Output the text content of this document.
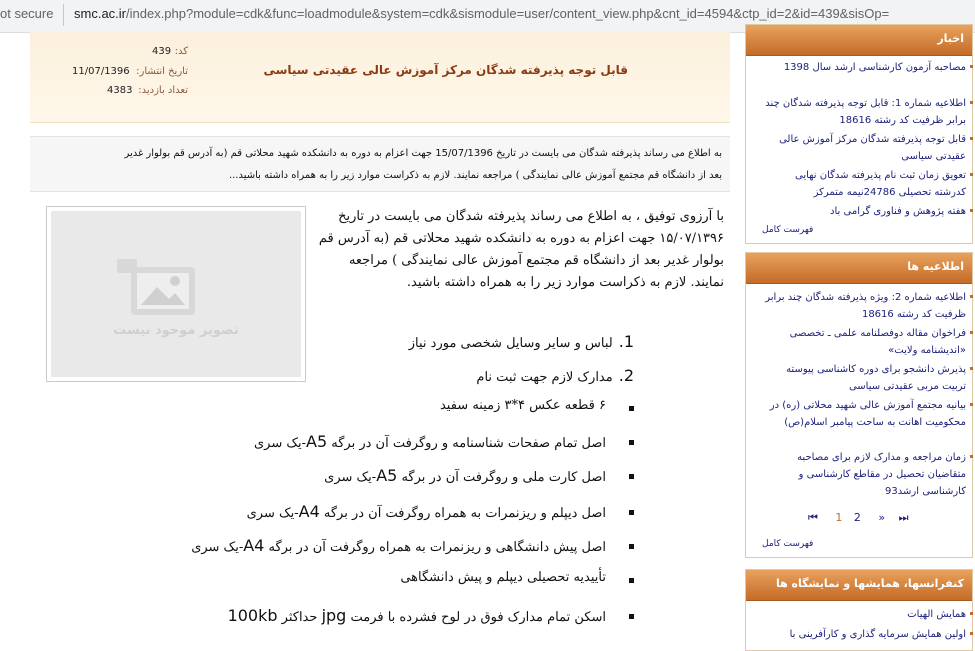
ot secure smc.ac.ir/index.php?module=cdk&func=loadmodule&system=cdk&sismodule=user/content_view.php&cnt_id=4594&ctp_id=2&id=439&sisOp=
قابل توجه پذیرفته شدگان مرکز آموزش عالی عقیدتی سیاسی
کد:
439
تاریخ انتشار:
11/07/1396
تعداد بازدید:
4383

به اطلاع می رساند پذیرفته شدگان می بایست در تاریخ 15/07/1396 جهت اعزام به دوره به دانشکده شهید محلاتی قم (به آدرس قم بولوار غدیر
بعد از دانشگاه قم مجتمع آموزش عالی نمایندگی ) مراجعه نمایند. لازم به ذکراست موارد زیر را به همراه داشته باشید...

تصویر موجود نیست

با آرزوی توفیق ، به اطلاع می رساند پذیرفته شدگان می بایست در تاریخ ۱۵/۰۷/۱۳۹۶ جهت اعزام به دوره به دانشکده شهید محلاتی قم (به آدرس قم بولوار غدیر بعد از دانشگاه قم مجتمع آموزش عالی نمایندگی ) مراجعه نمایند. لازم به ذکراست موارد زیر را به همراه داشته باشید.

1.لباس و سایر وسایل شخصی مورد نیاز
2.مدارک لازم جهت ثبت نام
۶ قطعه عکس ۴*۳ زمینه سفید
اصل تمام صفحات شناسنامه و روگرفت آن در برگه A5-یک سری
اصل کارت ملی و روگرفت آن در برگه A5-یک سری
اصل دیپلم و ریزنمرات به همراه روگرفت آن در برگه A4-یک سری
اصل پیش دانشگاهی و ریزنمرات به همراه روگرفت آن در برگه A4-یک سری
تأییدیه تحصیلی دیپلم و پیش دانشگاهی
اسکن تمام مدارک فوق در لوح فشرده با فرمت jpg حداکثر 100kb
اخبار
مصاحبه آزمون کارشناسی ارشد سال 1398
اطلاعیه شماره 1: قابل توجه پذیرفته شدگان چند برابر ظرفیت کد رشته 18616
قابل توجه پذیرفته شدگان مرکز آموزش عالی عقیدتی سیاسی
تعویق زمان ثبت نام پذیرفته شدگان نهایی کدرشته تحصیلی 24786نیمه متمرکز
هفته پژوهش و فناوری گرامی باد
فهرست کامل
اطلاعیه ها
اطلاعیه شماره 2: ویژه پذیرفته شدگان چند برابر ظرفیت کد رشته 18616
فراخوان مقاله دوفصلنامه علمی ـ تخصصی «اندیشنامه ولایت»
پذیرش دانشجو برای دوره کاشناسی پیوسته تربیت مربی عقیدتی سیاسی
بیانیه مجتمع آموزش عالی شهید محلاتی (ره) در محکومیت اهانت به ساحت پیامبر اسلام(ص)
زمان مراجعه و مدارک لازم برای مصاحبه متقاضیان تحصیل در مقاطع کارشناسی و کارشناسی ارشد93
⏮ 1 2 » ⏭
فهرست کامل
کنفرانسها، همایشها و نمایشگاه ها
همایش الهیات
اولین همایش سرمایه گذاری و کارآفرینی با
